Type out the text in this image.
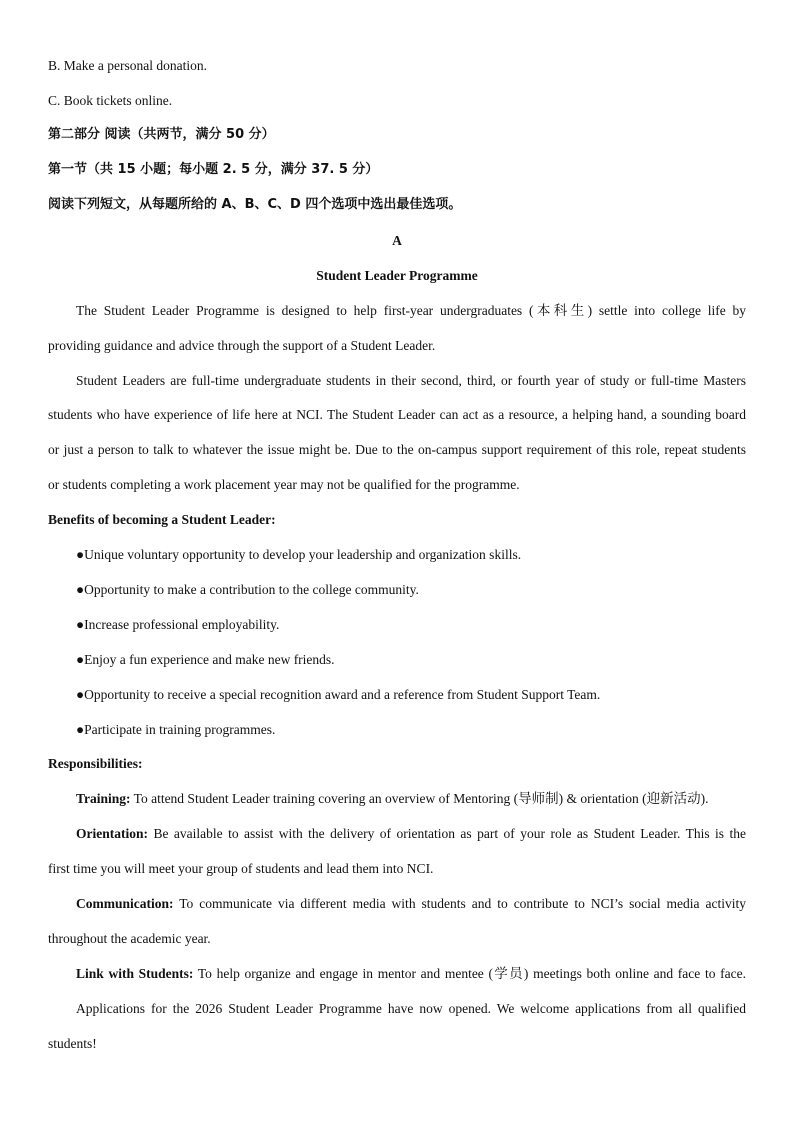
B. Make a personal donation.
C. Book tickets online.
第二部分 阅读（共两节，满分 50 分）
第一节（共 15 小题；每小题 2. 5 分，满分 37. 5 分）
阅读下列短文，从每题所给的 A、B、C、D 四个选项中选出最佳选项。
A
Student Leader Programme
The Student Leader Programme is designed to help first-year undergraduates (本科生) settle into college life by
providing guidance and advice through the support of a Student Leader.
Student Leaders are full-time undergraduate students in their second, third, or fourth year of study or full-time Masters
students who have experience of life here at NCI. The Student Leader can act as a resource, a helping hand, a sounding board
or just a person to talk to whatever the issue might be. Due to the on-campus support requirement of this role, repeat students
or students completing a work placement year may not be qualified for the programme.
Benefits of becoming a Student Leader:
●Unique voluntary opportunity to develop your leadership and organization skills.
●Opportunity to make a contribution to the college community.
●Increase professional employability.
●Enjoy a fun experience and make new friends.
●Opportunity to receive a special recognition award and a reference from Student Support Team.
●Participate in training programmes.
Responsibilities:
Training: To attend Student Leader training covering an overview of Mentoring (导师制) & orientation (迎新活动).
Orientation: Be available to assist with the delivery of orientation as part of your role as Student Leader. This is the
first time you will meet your group of students and lead them into NCI.
Communication: To communicate via different media with students and to contribute to NCI’s social media activity
throughout the academic year.
Link with Students: To help organize and engage in mentor and mentee (学员) meetings both online and face to face.
Applications for the 2026 Student Leader Programme have now opened. We welcome applications from all qualified
students!
